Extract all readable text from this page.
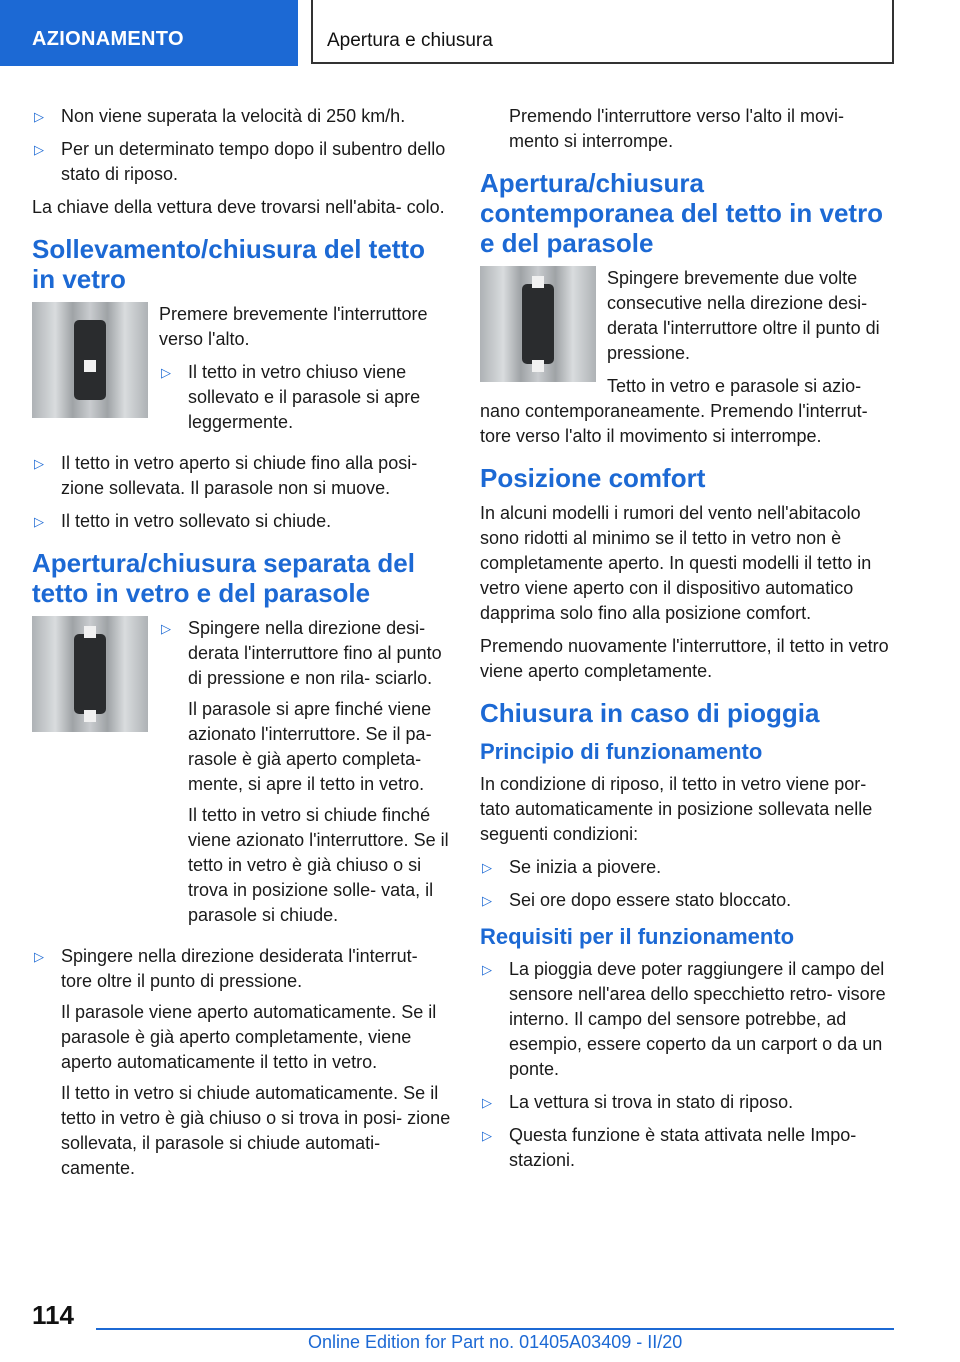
AZIONAMENTO	Apertura e chiusura
▷ Non viene superata la velocità di 250 km/h.

▷ Per un determinato tempo dopo il subentro dello stato di riposo.

La chiave della vettura deve trovarsi nell'abita- colo.

Sollevamento/chiusura del tetto in vetro

Premere brevemente l'interruttore verso l'alto.

▷ Il tetto in vetro chiuso viene sollevato e il parasole si apre leggermente.

▷ Il tetto in vetro aperto si chiude fino alla posi- zione sollevata. Il parasole non si muove.

▷ Il tetto in vetro sollevato si chiude.

Apertura/chiusura separata del tetto in vetro e del parasole
▷ Spingere nella direzione desi- derata l'interruttore fino al punto di pressione e non rila- sciarlo.

Il parasole si apre finché viene azionato l'interruttore. Se il pa- rasole è già aperto completa- mente, si apre il tetto in vetro.

Il tetto in vetro si chiude finché viene azionato l'interruttore. Se il tetto in vetro è già chiuso o si trova in posizione solle- vata, il parasole si chiude.

▷ Spingere nella direzione desiderata l'interrut- tore oltre il punto di pressione.

Il parasole viene aperto automaticamente. Se il parasole è già aperto completamente, viene aperto automaticamente il tetto in vetro.

Il tetto in vetro si chiude automaticamente. Se il tetto in vetro è già chiuso o si trova in posi- zione sollevata, il parasole si chiude automati- camente.

Premendo l'interruttore verso l'alto il movi- mento si interrompe.

Apertura/chiusura contemporanea del tetto in vetro e del parasole

Spingere brevemente due volte consecutive nella direzione desi- derata l'interruttore oltre il punto di pressione.

Tetto in vetro e parasole si azio-

nano contemporaneamente. Premendo l'interrut- tore verso l'alto il movimento si interrompe.

Posizione comfort

In alcuni modelli i rumori del vento nell'abitacolo sono ridotti al minimo se il tetto in vetro non è completamente aperto. In questi modelli il tetto in vetro viene aperto con il dispositivo automatico dapprima solo fino alla posizione comfort.

Premendo nuovamente l'interruttore, il tetto in vetro viene aperto completamente.

Chiusura in caso di pioggia
Principio di funzionamento

In condizione di riposo, il tetto in vetro viene por- tato automaticamente in posizione sollevata nelle seguenti condizioni:

▷ Se inizia a piovere.

▷ Sei ore dopo essere stato bloccato.

Requisiti per il funzionamento
▷ La pioggia deve poter raggiungere il campo del sensore nell'area dello specchietto retro- visore interno. Il campo del sensore potrebbe, ad esempio, essere coperto da un carport o da un ponte.

▷ La vettura si trova in stato di riposo.

▷ Questa funzione è stata attivata nelle Impo- stazioni.

114
Online Edition for Part no. 01405A03409 - II/20
